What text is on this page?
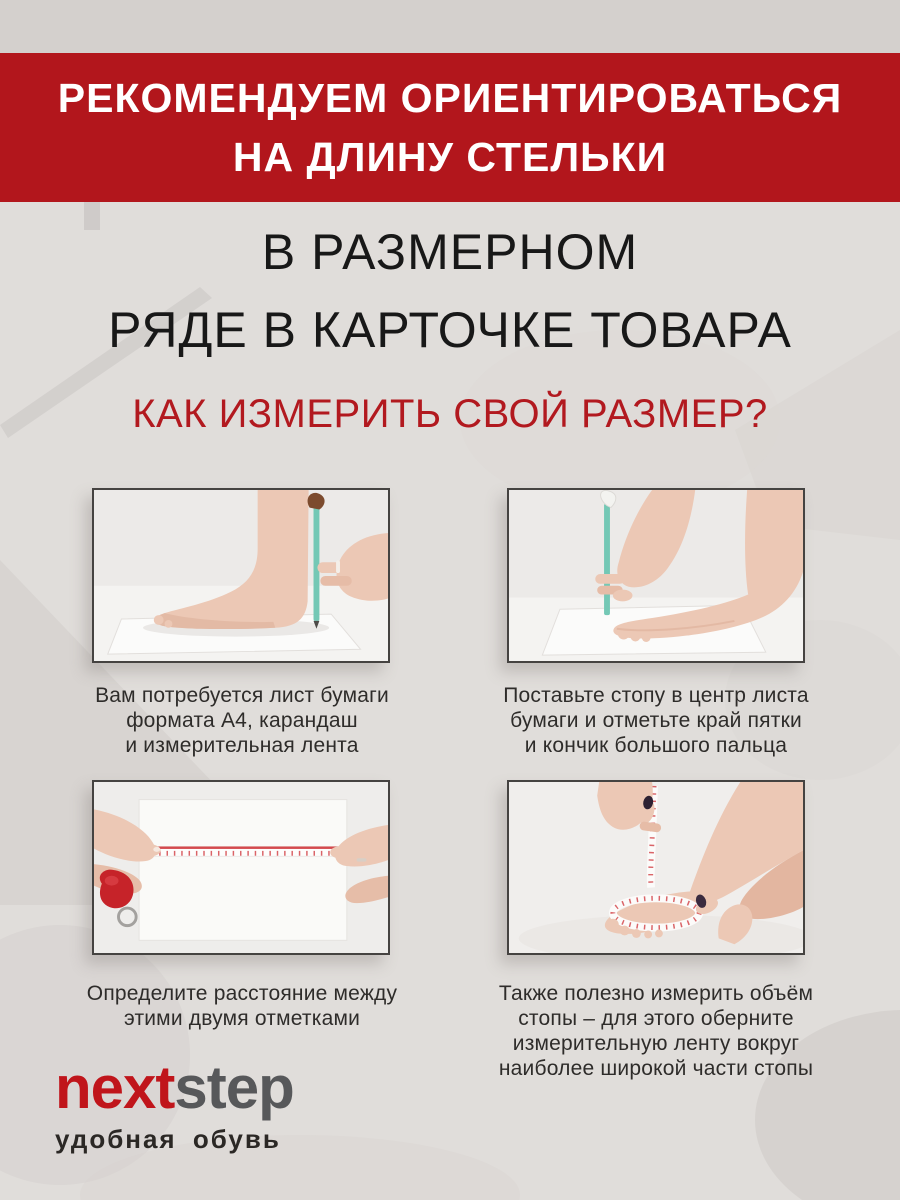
РЕКОМЕНДУЕМ ОРИЕНТИРОВАТЬСЯ
НА ДЛИНУ СТЕЛЬКИ
В РАЗМЕРНОМ
РЯДЕ В КАРТОЧКЕ ТОВАРА
КАК ИЗМЕРИТЬ СВОЙ РАЗМЕР?
Вам потребуется лист бумаги
формата А4, карандаш
и измерительная лента
Поставьте стопу в центр листа
бумаги и отметьте край пятки
и кончик большого пальца
Определите расстояние между
этими двумя отметками
Также полезно измерить объём
стопы – для этого оберните
измерительную ленту вокруг
наиболее широкой части стопы
nextstep
удобная обувь
